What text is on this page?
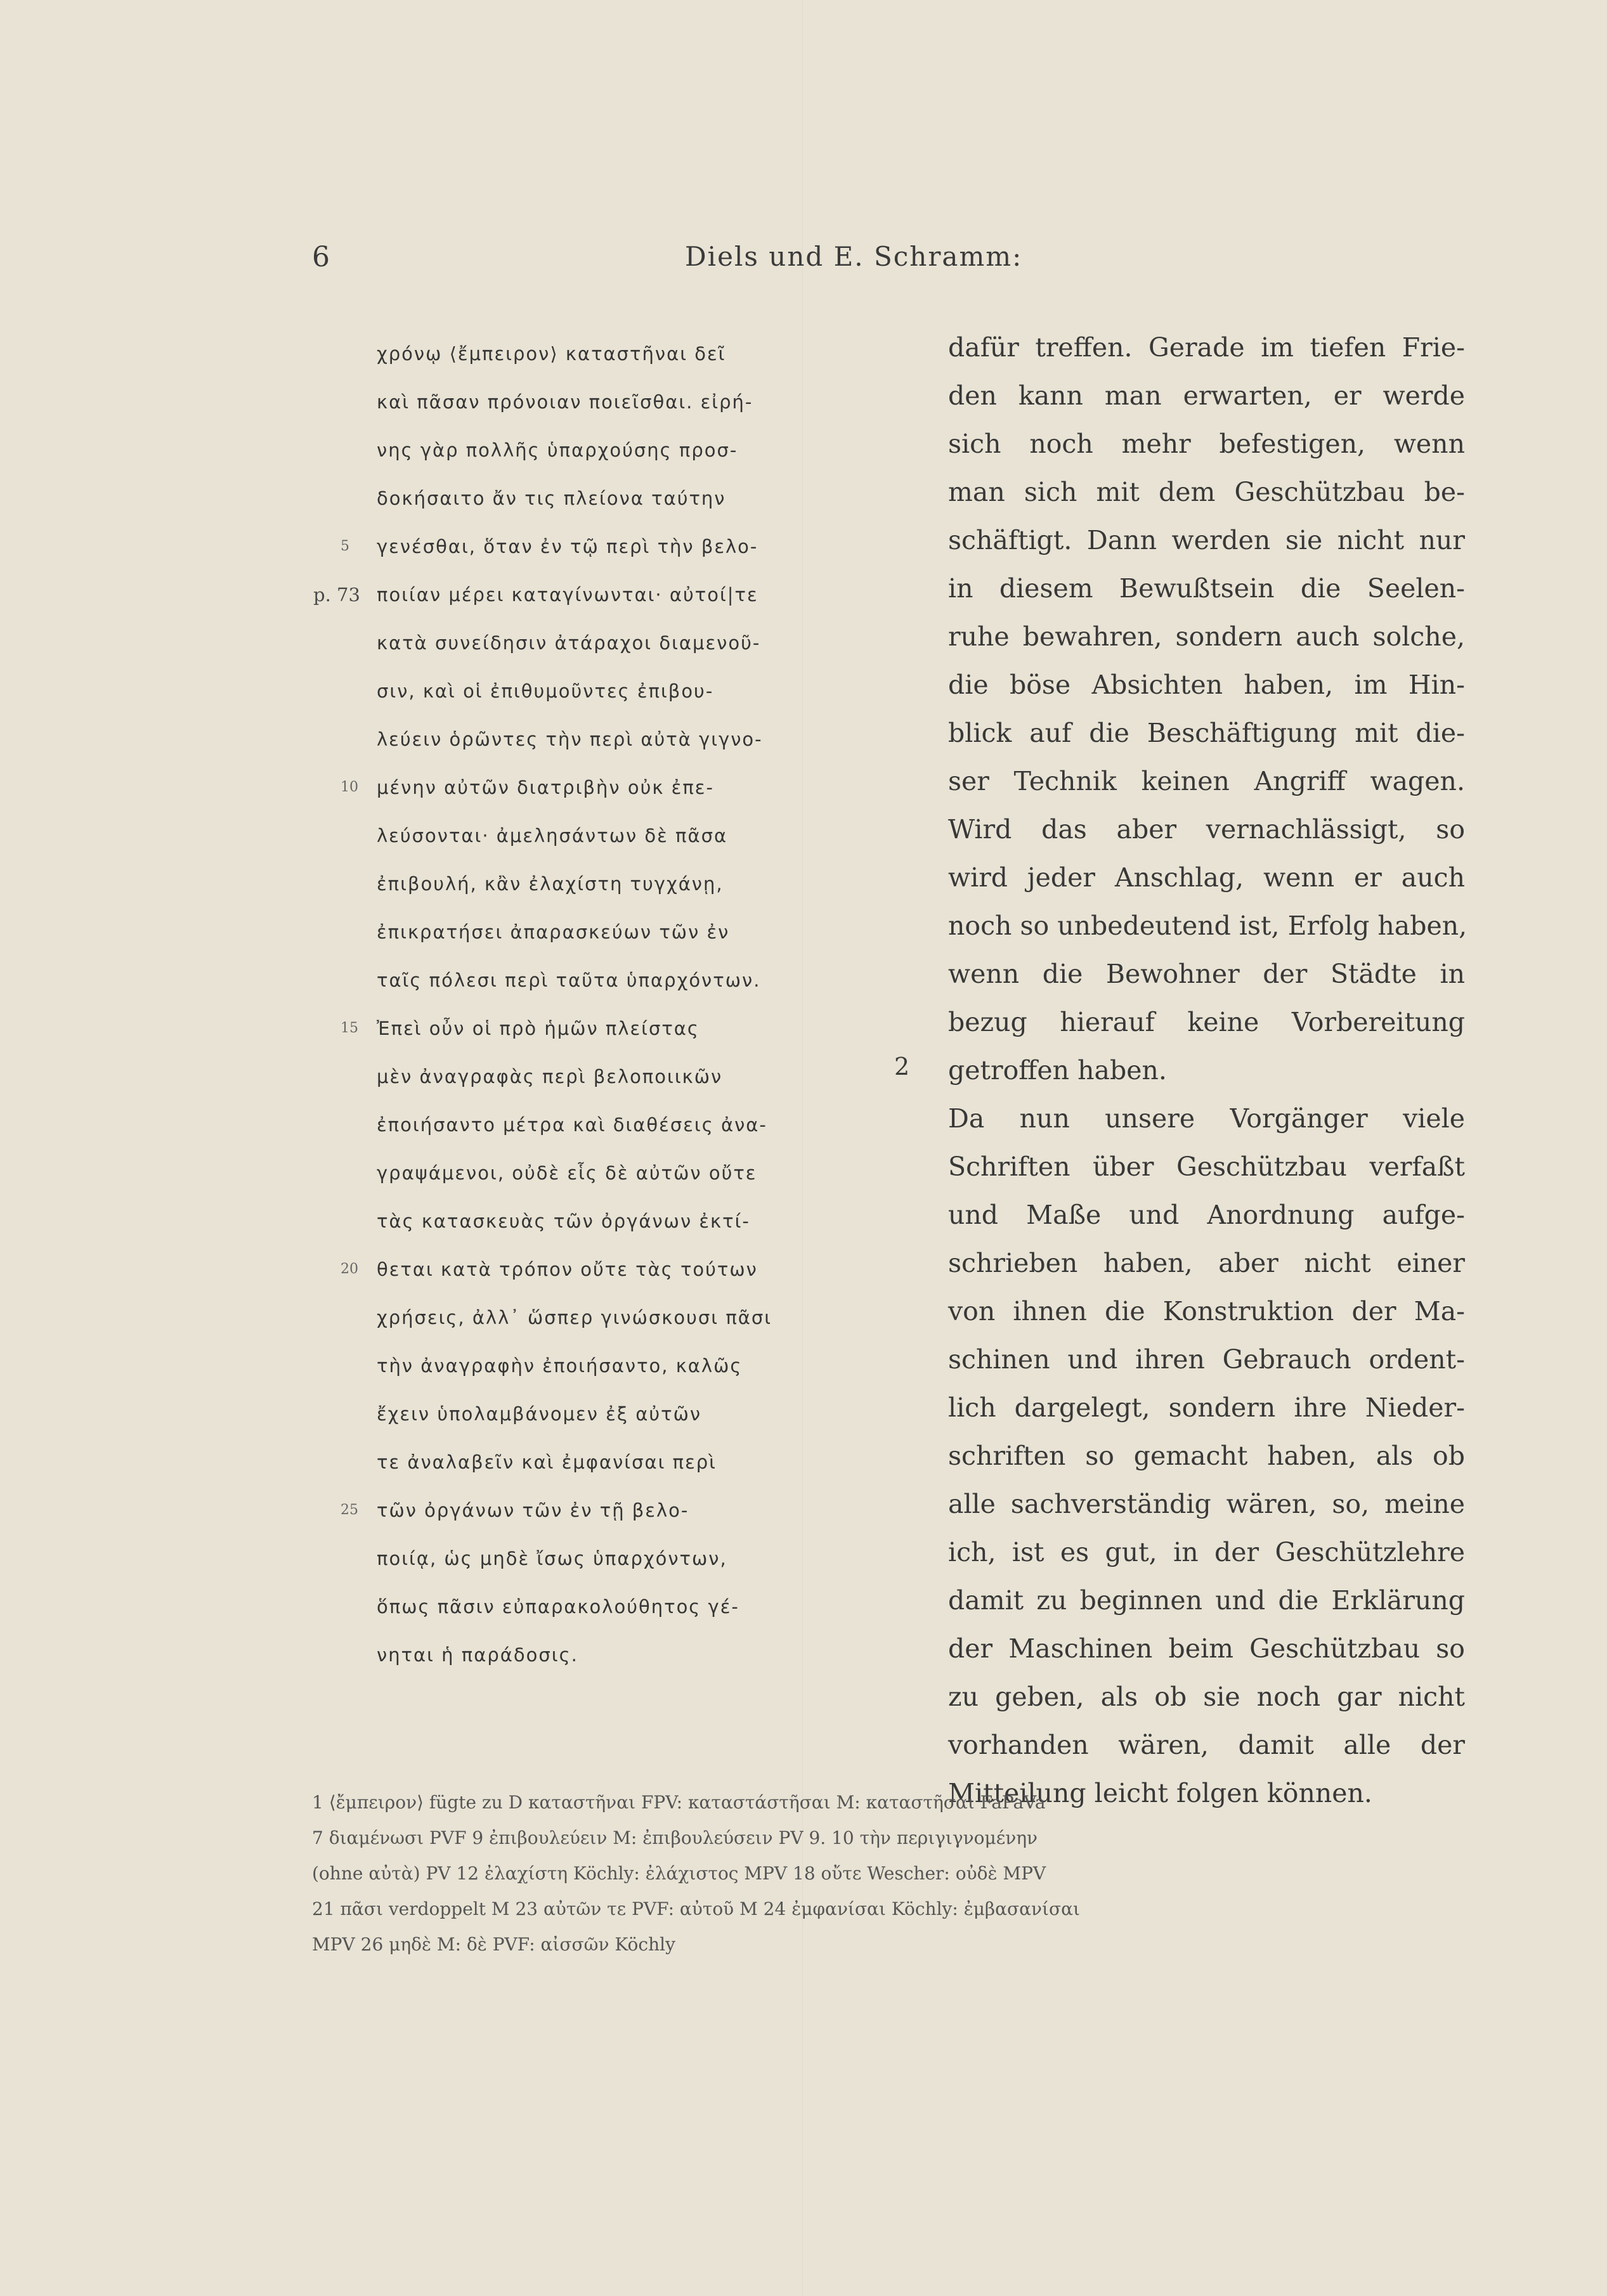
6	Diels und E. Schramm:
χρόνῳ ⟨ἔμπειρον⟩ καταστῆναι δεῖ
καὶ πᾶσαν πρόνοιαν ποιεῖσθαι. εἰρή-
νης γὰρ πολλῆς ὑπαρχούσης προσ-
δοκήσαιτο ἄν τις πλείονα ταύτην
γενέσθαι, ὅταν ἐν τῷ περὶ τὴν βελο-
5
ποιίαν μέρει καταγίνωνται· αὐτοί|τε
p. 73
κατὰ συνείδησιν ἀτάραχοι διαμενοῦ-
σιν, καὶ οἱ ἐπιθυμοῦντες ἐπιβου-
λεύειν ὁρῶντες τὴν περὶ αὐτὰ γιγνο-
μένην αὐτῶν διατριβὴν οὐκ ἐπε-
10
λεύσονται· ἀμελησάντων δὲ πᾶσα
ἐπιβουλή, κἂν ἐλαχίστη τυγχάνῃ,
ἐπικρατήσει ἀπαρασκεύων τῶν ἐν
ταῖς πόλεσι περὶ ταῦτα ὑπαρχόντων.
Ἐπεὶ οὖν οἱ πρὸ ἡμῶν πλείστας
15
μὲν ἀναγραφὰς περὶ βελοποιικῶν
ἐποιήσαντο μέτρα καὶ διαθέσεις ἀνα-
γραψάμενοι, οὐδὲ εἷς δὲ αὐτῶν οὔτε
τὰς κατασκευὰς τῶν ὀργάνων ἐκτί-
θεται κατὰ τρόπον οὔτε τὰς τούτων
20
χρήσεις, ἀλλ᾽ ὥσπερ γινώσκουσι πᾶσι
τὴν ἀναγραφὴν ἐποιήσαντο, καλῶς
ἔχειν ὑπολαμβάνομεν ἐξ αὐτῶν
τε ἀναλαβεῖν καὶ ἐμφανίσαι περὶ
τῶν ὀργάνων τῶν ἐν τῇ βελο-
25
ποιίᾳ, ὡς μηδὲ ἴσως ὑπαρχόντων,
ὅπως πᾶσιν εὐπαρακολούθητος γέ-
νηται ἡ παράδοσις.
2
dafür treffen. Gerade im tiefen Frie-
den kann man erwarten, er werde
sich noch mehr befestigen, wenn
man sich mit dem Geschützbau be-
schäftigt. Dann werden sie nicht nur
in diesem Bewußtsein die Seelen-
ruhe bewahren, sondern auch solche,
die böse Absichten haben, im Hin-
blick auf die Beschäftigung mit die-
ser Technik keinen Angriff wagen.
Wird das aber vernachlässigt, so
wird jeder Anschlag, wenn er auch
noch so unbedeutend ist, Erfolg haben,
wenn die Bewohner der Städte in
bezug hierauf keine Vorbereitung
getroffen haben.
Da nun unsere Vorgänger viele
Schriften über Geschützbau verfaßt
und Maße und Anordnung aufge-
schrieben haben, aber nicht einer
von ihnen die Konstruktion der Ma-
schinen und ihren Gebrauch ordent-
lich dargelegt, sondern ihre Nieder-
schriften so gemacht haben, als ob
alle sachverständig wären, so, meine
ich, ist es gut, in der Geschützlehre
damit zu beginnen und die Erklärung
der Maschinen beim Geschützbau so
zu geben, als ob sie noch gar nicht
vorhanden wären, damit alle der
Mitteilung leicht folgen können.
1 ⟨ἔμπειρον⟩ fügte zu D καταστῆναι FPV: καταστάστῆσαι M: καταστῆσαι FaPaVa
7 διαμένωσι PVF 9 ἐπιβουλεύειν M: ἐπιβουλεύσειν PV 9. 10 τὴν περιγιγνομένην
(ohne αὐτὰ) PV 12 ἐλαχίστη Köchly: ἐλάχιστος MPV 18 οὔτε Wescher: οὐδὲ MPV
21 πᾶσι verdoppelt M 23 αὐτῶν τε PVF: αὐτοῦ M 24 ἐμφανίσαι Köchly: ἐμβασανίσαι
MPV 26 μηδὲ M: δὲ PVF: αἰσσῶν Köchly
